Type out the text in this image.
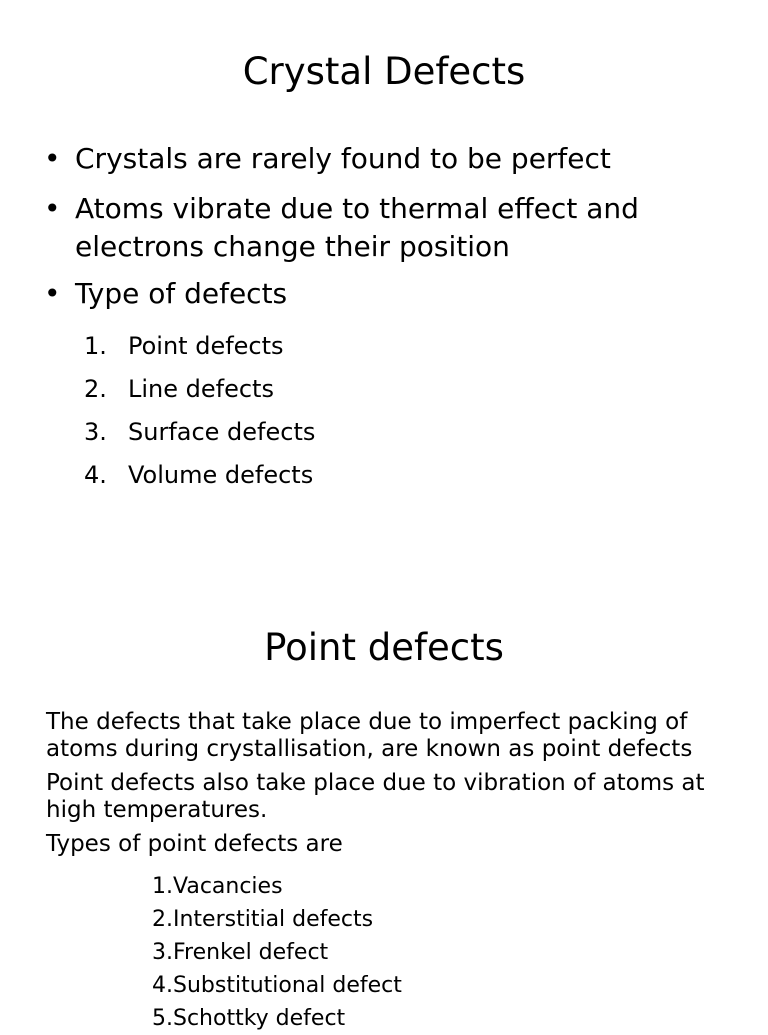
Crystal Defects
• Crystals are rarely found to be perfect
• Atoms vibrate due to thermal effect and electrons change their position
• Type of defects
1. Point defects
2. Line defects
3. Surface defects
4. Volume defects
Point defects

The defects that take place due to imperfect packing of atoms during crystallisation, are known as point defects

Point defects also take place due to vibration of atoms at high temperatures.

Types of point defects are

1.Vacancies
2.Interstitial defects
3.Frenkel defect
4.Substitutional defect
5.Schottky defect
